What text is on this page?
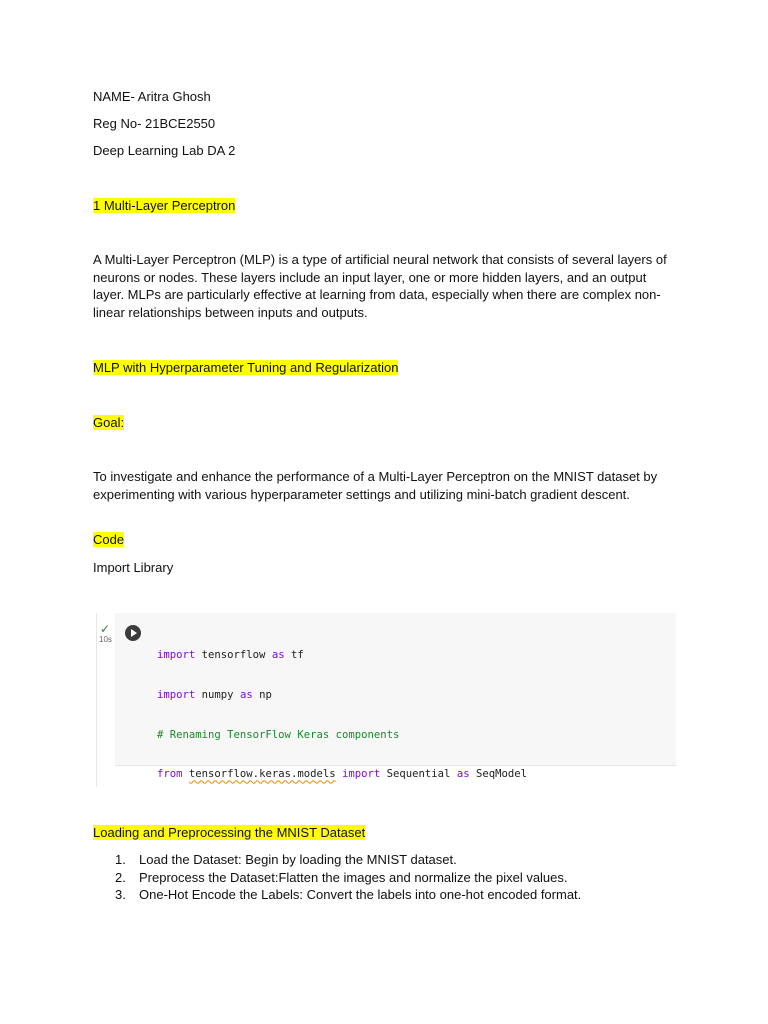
NAME- Aritra Ghosh

Reg No- 21BCE2550

Deep Learning Lab DA 2

1 Multi-Layer Perceptron

A Multi-Layer Perceptron (MLP) is a type of artificial neural network that consists of several layers of neurons or nodes. These layers include an input layer, one or more hidden layers, and an output layer. MLPs are particularly effective at learning from data, especially when there are complex non-linear relationships between inputs and outputs.

MLP with Hyperparameter Tuning and Regularization

Goal:

To investigate and enhance the performance of a Multi-Layer Perceptron on the MNIST dataset by experimenting with various hyperparameter settings and utilizing mini-batch gradient descent.

Code

Import Library

✓
10s

import tensorflow as tf

import numpy as np

# Renaming TensorFlow Keras components

from tensorflow.keras.models import Sequential as SeqModel

Loading and Preprocessing the MNIST Dataset

1. Load the Dataset: Begin by loading the MNIST dataset.
2. Preprocess the Dataset:Flatten the images and normalize the pixel values.
3. One-Hot Encode the Labels: Convert the labels into one-hot encoded format.
